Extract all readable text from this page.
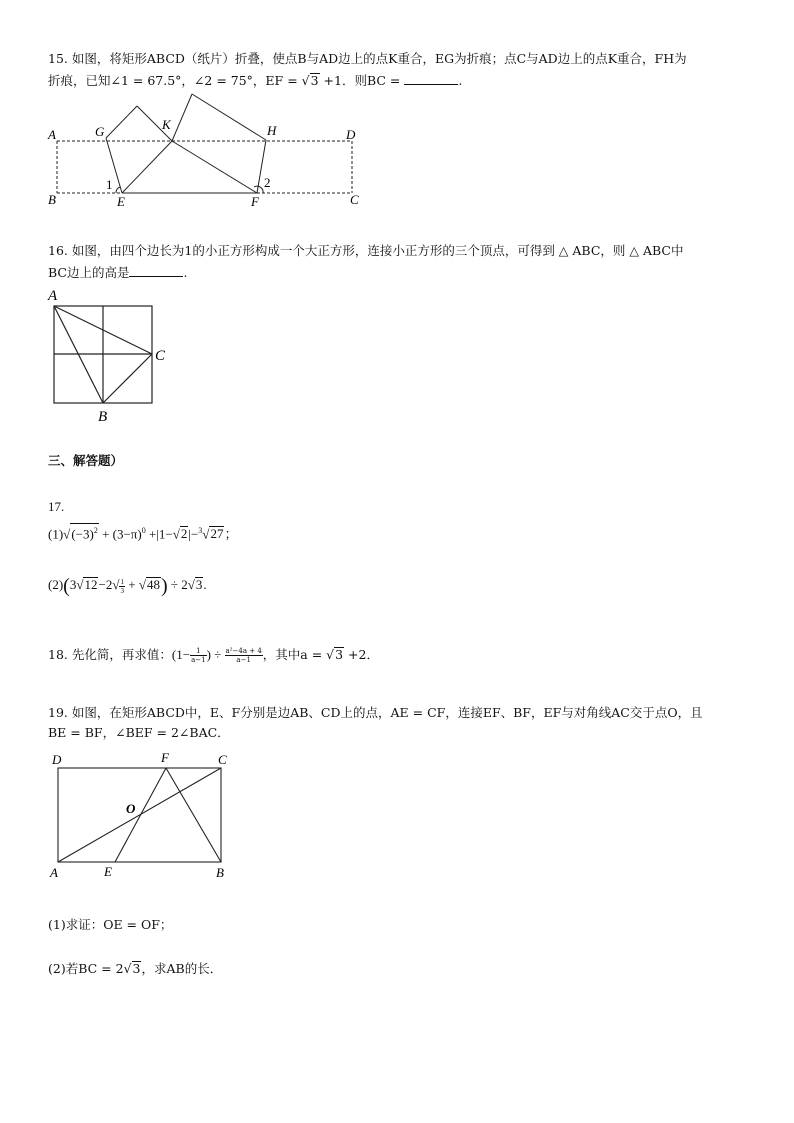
15. 如图，将矩形ABCD（纸片）折叠，使点B与AD边上的点K重合，EG为折痕；点C与AD边上的点K重合，FH为
折痕，已知∠1 = 67.5°，∠2 = 75°，EF = √3 +1．则BC =	.
A
B	C
D
E	F
G	H
K
1	2
16. 如图，由四个边长为1的小正方形构成一个大正方形，连接小正方形的三个顶点，可得到 △ ABC，则 △ ABC中
BC边上的高是	.
A
B
C
三、解答题）
17.
$(1)√(-3)^2 + (3-\pi)^0 +|1-√2|-^3√27$；
$(2)(3√12-2√ \frac{1}{3} + √48) \div 2√3$.
18. 先化简，再求值：($1- \frac{1}{a-1}$ ) ÷ $\frac{\text{a²−4a + 4}}{a-1}$ ，其中a = √3 +2．
19. 如图，在矩形ABCD中，E、F分别是边AB、CD上的点，AE = CF，连接EF、BF，EF与对角线AC交于点O，且
BE = BF，∠BEF = 2∠BAC．
D	F	C
O
A	E	B
(1)求证：OE = OF；
(2)若BC = 2√3，求AB的长．
